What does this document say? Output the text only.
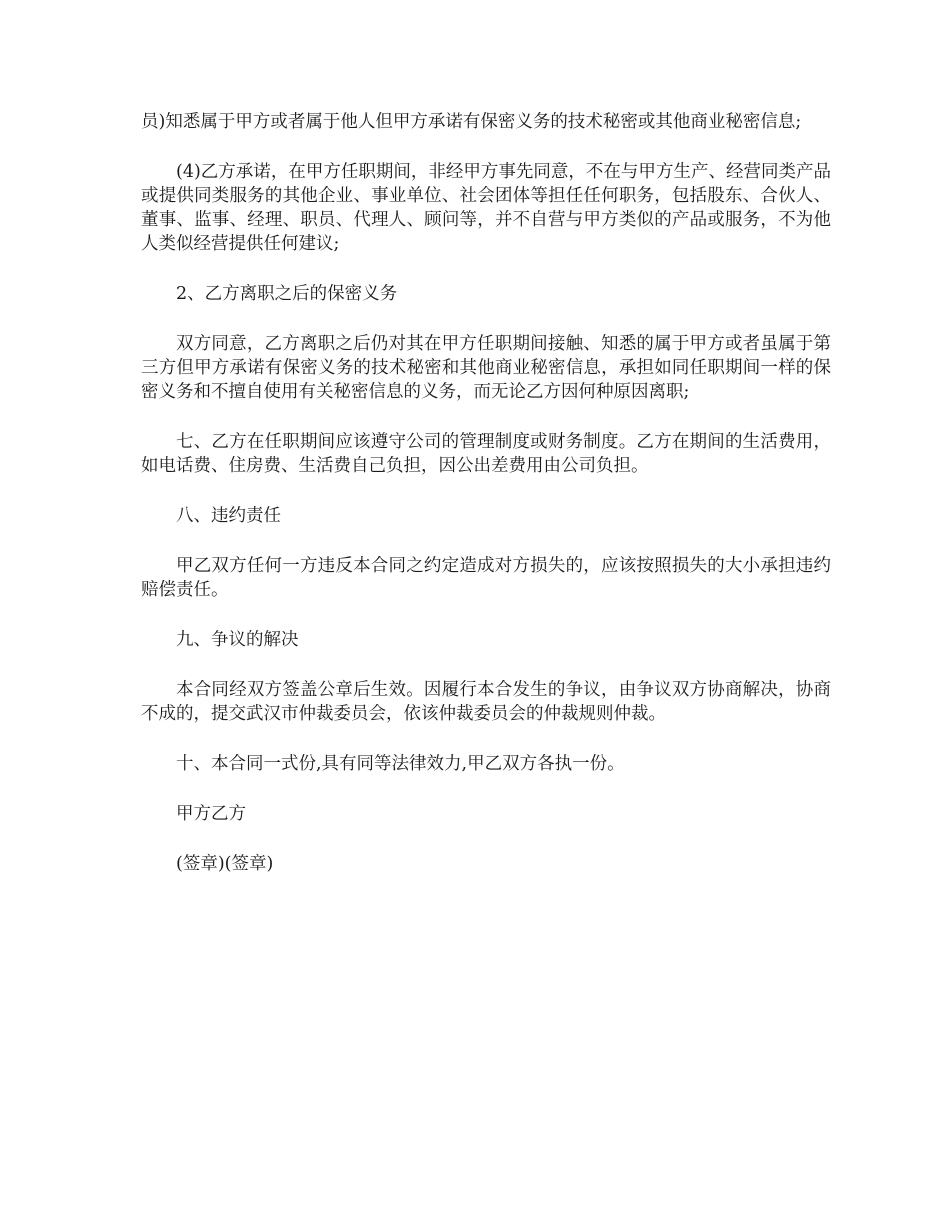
员)知悉属于甲方或者属于他人但甲方承诺有保密义务的技术秘密或其他商业秘密信息;

(4)乙方承诺，在甲方任职期间，非经甲方事先同意，不在与甲方生产、经营同类产品或提供同类服务的其他企业、事业单位、社会团体等担任任何职务，包括股东、合伙人、董事、监事、经理、职员、代理人、顾问等，并不自营与甲方类似的产品或服务，不为他人类似经营提供任何建议;

2、乙方离职之后的保密义务

双方同意，乙方离职之后仍对其在甲方任职期间接触、知悉的属于甲方或者虽属于第三方但甲方承诺有保密义务的技术秘密和其他商业秘密信息，承担如同任职期间一样的保密义务和不擅自使用有关秘密信息的义务，而无论乙方因何种原因离职;

七、乙方在任职期间应该遵守公司的管理制度或财务制度。乙方在期间的生活费用，如电话费、住房费、生活费自己负担，因公出差费用由公司负担。

八、违约责任

甲乙双方任何一方违反本合同之约定造成对方损失的，应该按照损失的大小承担违约赔偿责任。

九、争议的解决

本合同经双方签盖公章后生效。因履行本合发生的争议，由争议双方协商解决，协商不成的，提交武汉市仲裁委员会，依该仲裁委员会的仲裁规则仲裁。

十、本合同一式份,具有同等法律效力,甲乙双方各执一份。

甲方乙方

(签章)(签章)
